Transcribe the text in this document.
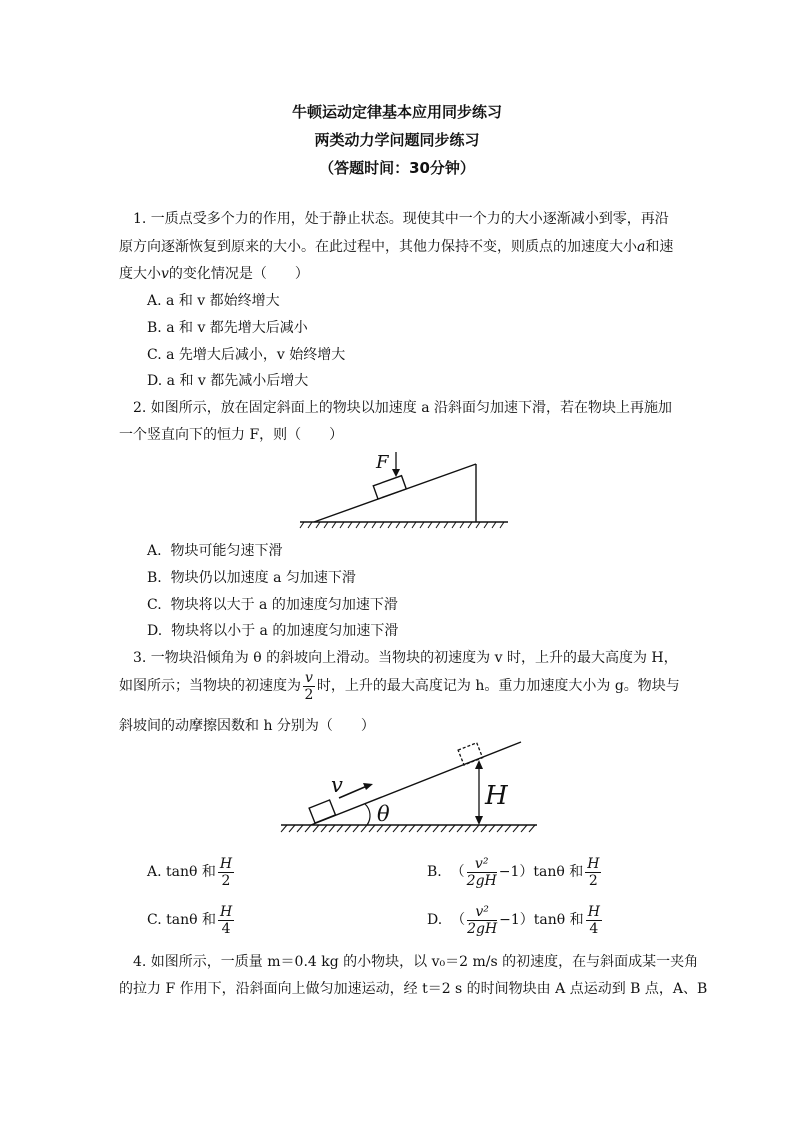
牛顿运动定律基本应用同步练习
两类动力学问题同步练习
（答题时间：30分钟）
1. 一质点受多个力的作用，处于静止状态。现使其中一个力的大小逐渐减小到零，再沿
原方向逐渐恢复到原来的大小。在此过程中，其他力保持不变，则质点的加速度大小a和速
度大小v的变化情况是（　　）
A. a 和 v 都始终增大
B. a 和 v 都先增大后减小
C. a 先增大后减小，v 始终增大
D. a 和 v 都先减小后增大
2. 如图所示，放在固定斜面上的物块以加速度 a 沿斜面匀加速下滑，若在物块上再施加
一个竖直向下的恒力 F，则（　　）
F
A. 物块可能匀速下滑
B. 物块仍以加速度 a 匀加速下滑
C. 物块将以大于 a 的加速度匀加速下滑
D. 物块将以小于 a 的加速度匀加速下滑
3. 一物块沿倾角为 θ 的斜坡向上滑动。当物块的初速度为 v 时，上升的最大高度为 H，
如图所示；当物块的初速度为 $\frac{v}{2}$ 时，上升的最大高度记为 h。重力加速度大小为 g。物块与
斜坡间的动摩擦因数和 h 分别为（　　）
v
θ
H
A. tanθ 和 $\frac{H}{2}$	B. （ $\frac{\text{v²}}{2gH} -1)\tan\theta$ 和 $\frac{H}{2}$
C. tanθ 和 $\frac{H}{4}$	D. （ $\frac{\text{v²}}{2gH} -1)\tan\theta$ 和 $\frac{H}{4}$
4. 如图所示，一质量 m＝0.4 kg 的小物块，以 v₀＝2 m/s 的初速度，在与斜面成某一夹角
的拉力 F 作用下，沿斜面向上做匀加速运动，经 t＝2 s 的时间物块由 A 点运动到 B 点，A、B
